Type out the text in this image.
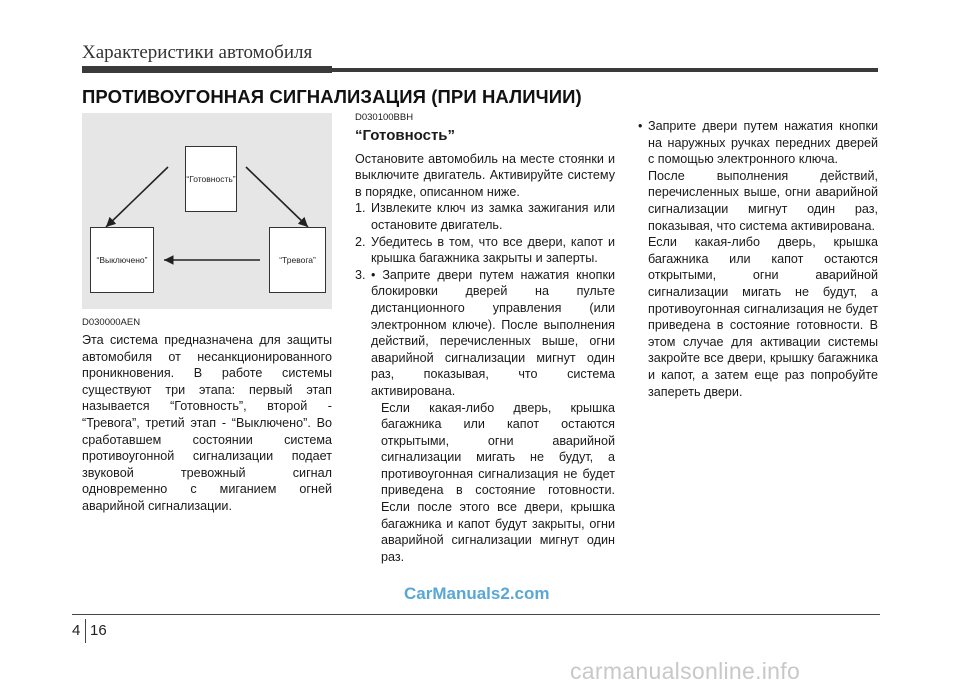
Характеристики автомобиля
ПРОТИВОУГОННАЯ СИГНАЛИЗАЦИЯ (ПРИ НАЛИЧИИ)
“Готовность”
“Выключено”	“Тревога”
D030000AEN

Эта система предназначена для защиты автомобиля от несанкционированного проникновения. В работе системы существуют три этапа: первый этап называется “Готовность”, второй - “Тревога”, третий этап - “Выключено”. Во сработавшем состоянии система противоугонной сигнализации подает звуковой тревожный сигнал одновременно с миганием огней аварийной сигнализации.

D030100BBH
“Готовность”

Остановите автомобиль на месте стоянки и выключите двигатель. Активируйте систему в порядке, описанном ниже.

1. Извлеките ключ из замка зажигания или остановите двигатель.
2. Убедитесь в том, что все двери, капот и крышка багажника закрыты и заперты.
3. • Заприте двери путем нажатия кнопки блокировки дверей на пульте дистанционного управления (или электронном ключе). После выполнения действий, перечисленных выше, огни аварийной сигнализации мигнут один раз, показывая, что система активирована.

Если какая-либо дверь, крышка багажника или капот остаются открытыми, огни аварийной сигнализации мигать не будут, а противоугонная сигнализация не будет приведена в состояние готовности. Если после этого все двери, крышка багажника и капот будут закрыты, огни аварийной сигнализации мигнут один раз.

• Заприте двери путем нажатия кнопки на наружных ручках передних дверей с помощью электронного ключа.

После выполнения действий, перечисленных выше, огни аварийной сигнализации мигнут один раз, показывая, что система активирована.

Если какая-либо дверь, крышка багажника или капот остаются открытыми, огни аварийной сигнализации мигать не будут, а противоугонная сигнализация не будет приведена в состояние готовности. В этом случае для активации системы закройте все двери, крышку багажника и капот, а затем еще раз попробуйте запереть двери.

CarManuals2.com
4 16
carmanualsonline.info
